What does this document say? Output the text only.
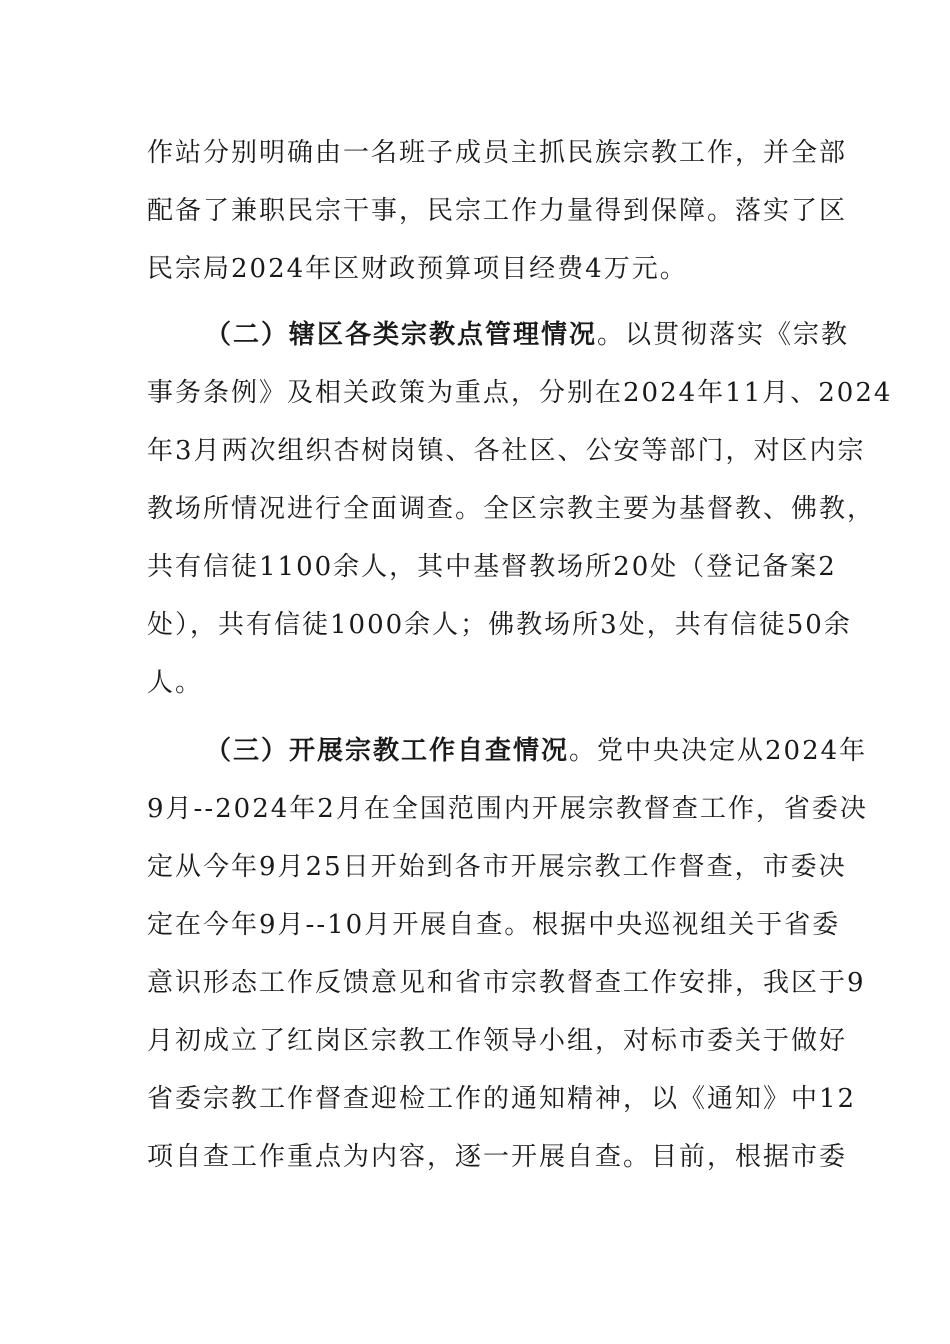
作站分别明确由一名班子成员主抓民族宗教工作，并全部
配备了兼职民宗干事，民宗工作力量得到保障。落实了区
民宗局2024年区财政预算项目经费4万元。
（二）辖区各类宗教点管理情况。以贯彻落实《宗教
事务条例》及相关政策为重点，分别在2024年11月、2024
年3月两次组织杏树岗镇、各社区、公安等部门，对区内宗
教场所情况进行全面调查。全区宗教主要为基督教、佛教，
共有信徒1100余人，其中基督教场所20处（登记备案2
处），共有信徒1000余人；佛教场所3处，共有信徒50余
人。
（三）开展宗教工作自查情况。党中央决定从2024年
9月--2024年2月在全国范围内开展宗教督查工作，省委决
定从今年9月25日开始到各市开展宗教工作督查，市委决
定在今年9月--10月开展自查。根据中央巡视组关于省委
意识形态工作反馈意见和省市宗教督查工作安排，我区于9
月初成立了红岗区宗教工作领导小组，对标市委关于做好
省委宗教工作督查迎检工作的通知精神，以《通知》中12
项自查工作重点为内容，逐一开展自查。目前，根据市委
